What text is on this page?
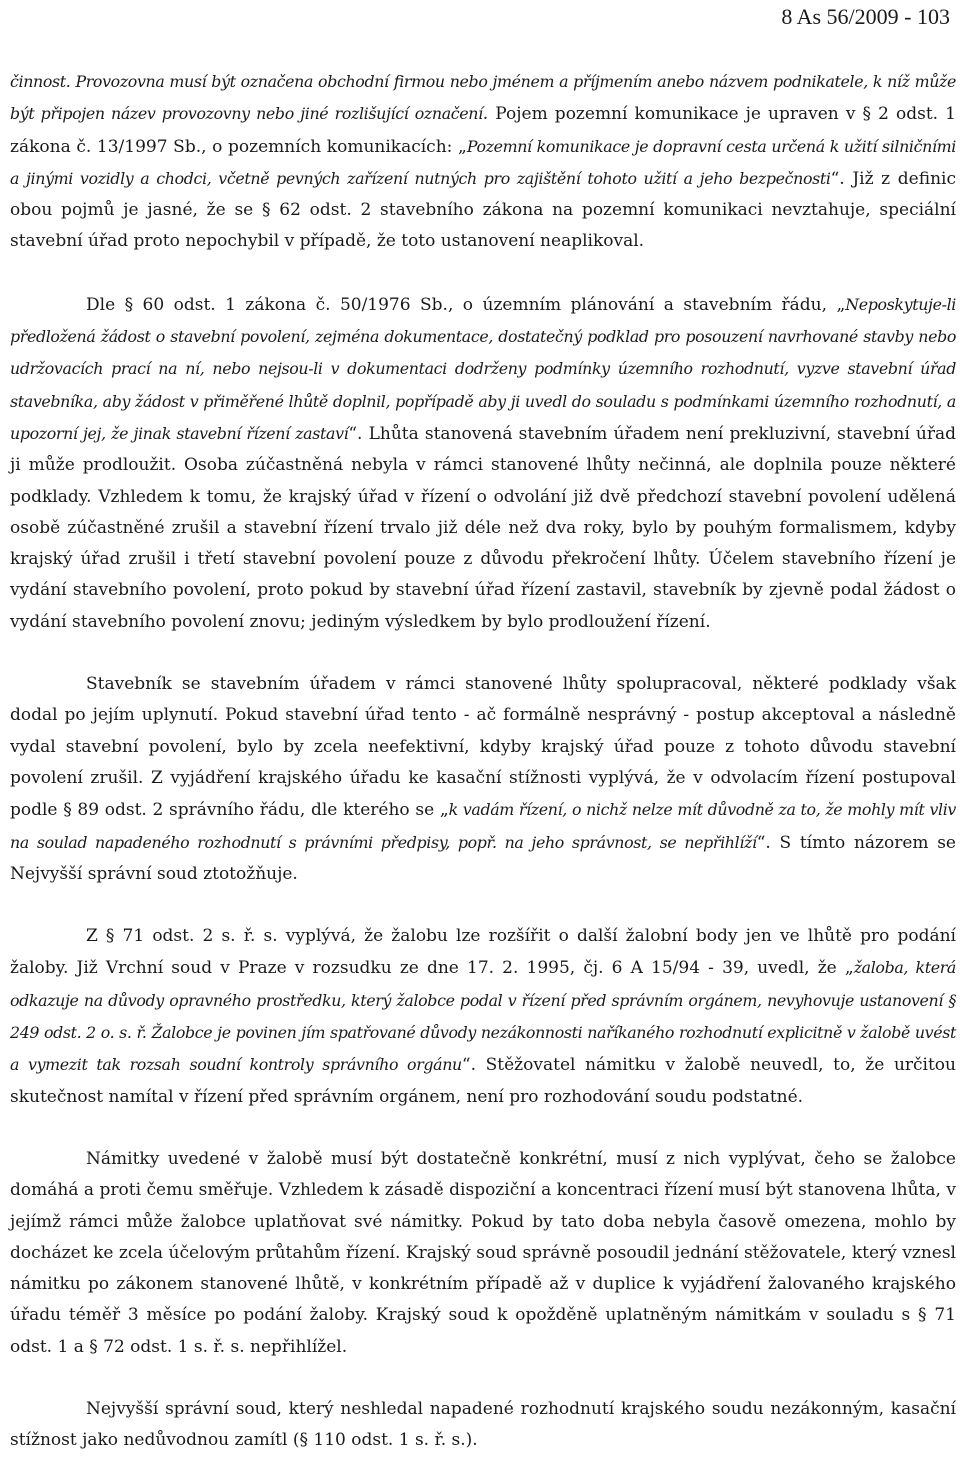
8 As 56/2009 - 103

činnost. Provozovna musí být označena obchodní firmou nebo jménem a příjmením anebo názvem podnikatele, k níž může být připojen název provozovny nebo jiné rozlišující označení. Pojem pozemní komunikace je upraven v § 2 odst. 1 zákona č. 13/1997 Sb., o pozemních komunikacích: „Pozemní komunikace je dopravní cesta určená k užití silničními a jinými vozidly a chodci, včetně pevných zařízení nutných pro zajištění tohoto užití a jeho bezpečnosti“. Již z definic obou pojmů je jasné, že se § 62 odst. 2 stavebního zákona na pozemní komunikaci nevztahuje, speciální stavební úřad proto nepochybil v případě, že toto ustanovení neaplikoval.

Dle § 60 odst. 1 zákona č. 50/1976 Sb., o územním plánování a stavebním řádu, „Neposkytuje-li předložená žádost o stavební povolení, zejména dokumentace, dostatečný podklad pro posouzení navrhované stavby nebo udržovacích prací na ní, nebo nejsou-li v dokumentaci dodrženy podmínky územního rozhodnutí, vyzve stavební úřad stavebníka, aby žádost v přiměřené lhůtě doplnil, popřípadě aby ji uvedl do souladu s podmínkami územního rozhodnutí, a upozorní jej, že jinak stavební řízení zastaví“. Lhůta stanovená stavebním úřadem není prekluzivní, stavební úřad ji může prodloužit. Osoba zúčastněná nebyla v rámci stanovené lhůty nečinná, ale doplnila pouze některé podklady. Vzhledem k tomu, že krajský úřad v řízení o odvolání již dvě předchozí stavební povolení udělená osobě zúčastněné zrušil a stavební řízení trvalo již déle než dva roky, bylo by pouhým formalismem, kdyby krajský úřad zrušil i třetí stavební povolení pouze z důvodu překročení lhůty. Účelem stavebního řízení je vydání stavebního povolení, proto pokud by stavební úřad řízení zastavil, stavebník by zjevně podal žádost o vydání stavebního povolení znovu; jediným výsledkem by bylo prodloužení řízení.

Stavebník se stavebním úřadem v rámci stanovené lhůty spolupracoval, některé podklady však dodal po jejím uplynutí. Pokud stavební úřad tento - ač formálně nesprávný - postup akceptoval a následně vydal stavební povolení, bylo by zcela neefektivní, kdyby krajský úřad pouze z tohoto důvodu stavební povolení zrušil. Z vyjádření krajského úřadu ke kasační stížnosti vyplývá, že v odvolacím řízení postupoval podle § 89 odst. 2 správního řádu, dle kterého se „k vadám řízení, o nichž nelze mít důvodně za to, že mohly mít vliv na soulad napadeného rozhodnutí s právními předpisy, popř. na jeho správnost, se nepřihlíží“. S tímto názorem se Nejvyšší správní soud ztotožňuje.

Z § 71 odst. 2 s. ř. s. vyplývá, že žalobu lze rozšířit o další žalobní body jen ve lhůtě pro podání žaloby. Již Vrchní soud v Praze v rozsudku ze dne 17. 2. 1995, čj. 6 A 15/94 - 39, uvedl, že „žaloba, která odkazuje na důvody opravného prostředku, který žalobce podal v řízení před správním orgánem, nevyhovuje ustanovení § 249 odst. 2 o. s. ř. Žalobce je povinen jím spatřované důvody nezákonnosti naříkaného rozhodnutí explicitně v žalobě uvést a vymezit tak rozsah soudní kontroly správního orgánu“. Stěžovatel námitku v žalobě neuvedl, to, že určitou skutečnost namítal v řízení před správním orgánem, není pro rozhodování soudu podstatné.

Námitky uvedené v žalobě musí být dostatečně konkrétní, musí z nich vyplývat, čeho se žalobce domáhá a proti čemu směřuje. Vzhledem k zásadě dispoziční a koncentraci řízení musí být stanovena lhůta, v jejímž rámci může žalobce uplatňovat své námitky. Pokud by tato doba nebyla časově omezena, mohlo by docházet ke zcela účelovým průtahům řízení. Krajský soud správně posoudil jednání stěžovatele, který vznesl námitku po zákonem stanovené lhůtě, v konkrétním případě až v duplice k vyjádření žalovaného krajského úřadu téměř 3 měsíce po podání žaloby. Krajský soud k opožděně uplatněným námitkám v souladu s § 71 odst. 1 a § 72 odst. 1 s. ř. s. nepřihlížel.

Nejvyšší správní soud, který neshledal napadené rozhodnutí krajského soudu nezákonným, kasační stížnost jako nedůvodnou zamítl (§ 110 odst. 1 s. ř. s.).
